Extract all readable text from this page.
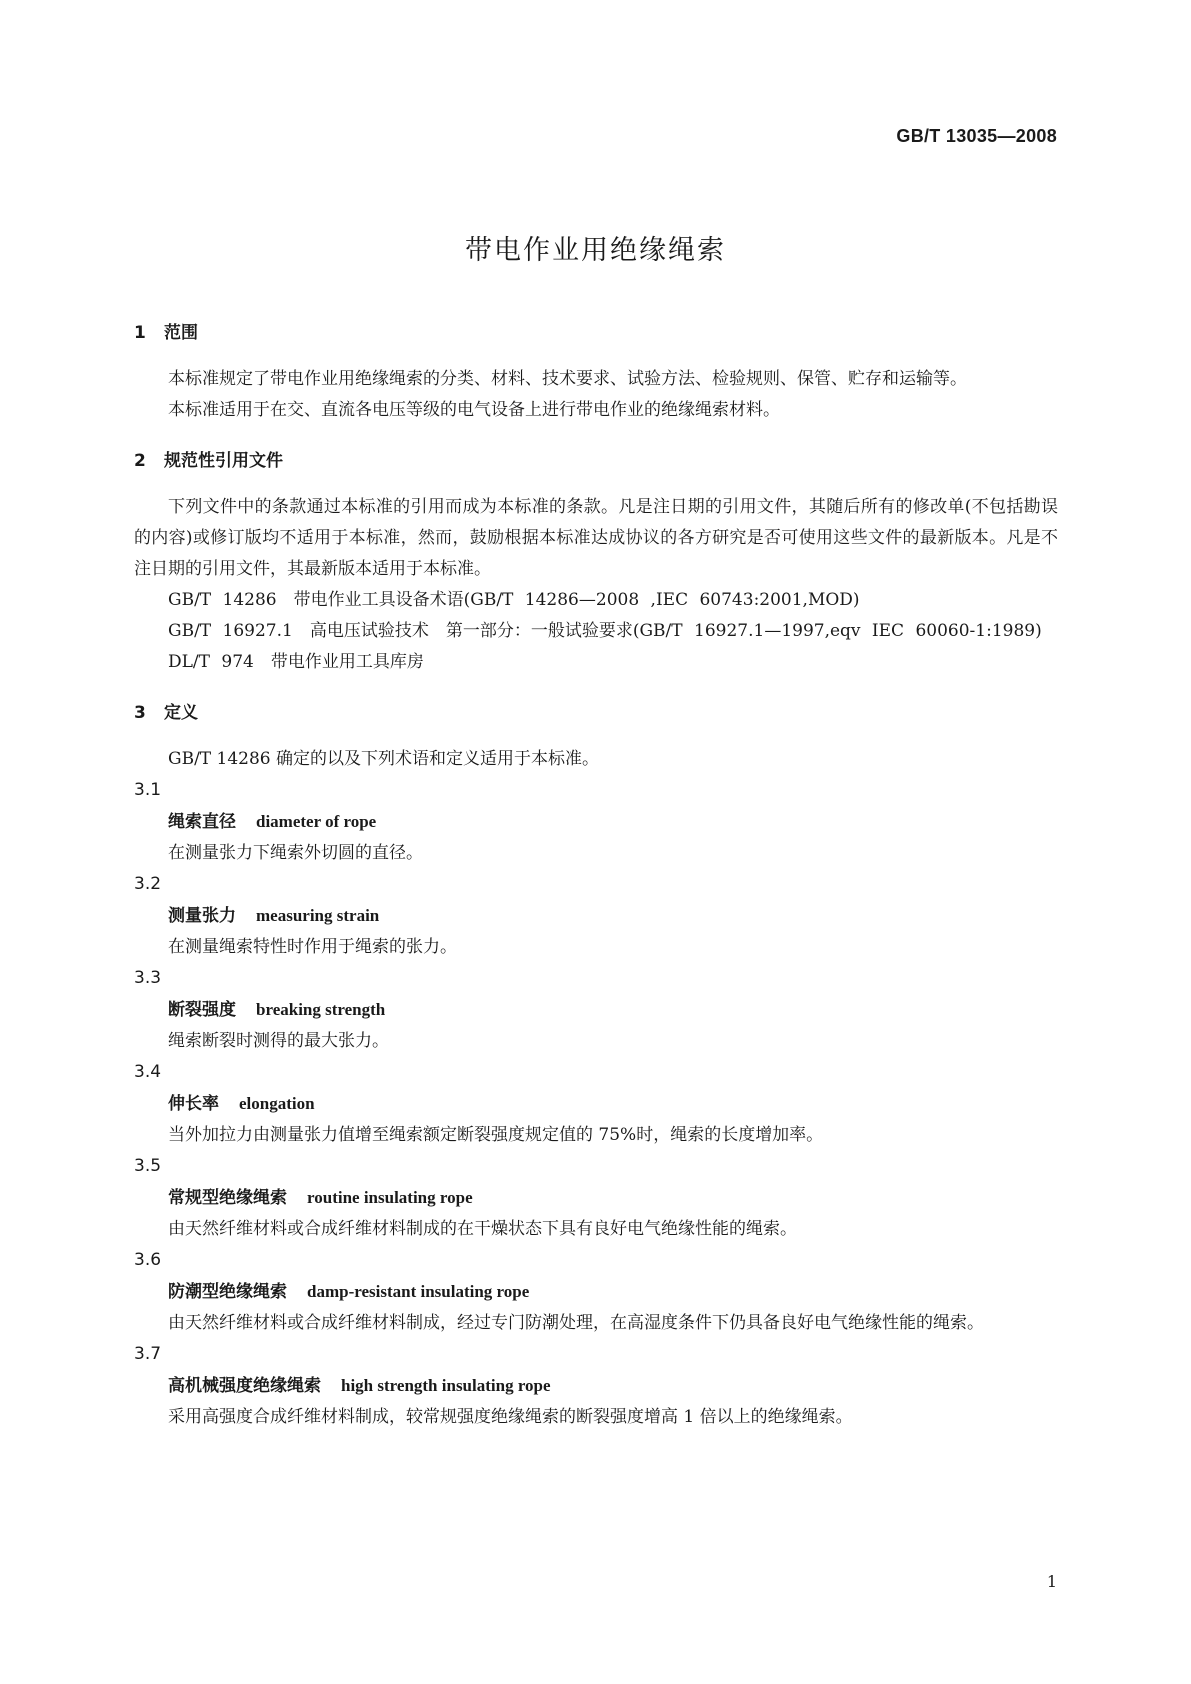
GB/T 13035—2008
带电作业用绝缘绳索
1 范围

本标准规定了带电作业用绝缘绳索的分类、材料、技术要求、试验方法、检验规则、保管、贮存和运输等。

本标准适用于在交、直流各电压等级的电气设备上进行带电作业的绝缘绳索材料。

2 规范性引用文件

下列文件中的条款通过本标准的引用而成为本标准的条款。凡是注日期的引用文件，其随后所有的修改单(不包括勘误的内容)或修订版均不适用于本标准，然而，鼓励根据本标准达成协议的各方研究是否可使用这些文件的最新版本。凡是不注日期的引用文件，其最新版本适用于本标准。

GB/T 14286　带电作业工具设备术语(GB/T 14286—2008 ,IEC 60743:2001,MOD)

GB/T 16927.1　高电压试验技术　第一部分：一般试验要求(GB/T 16927.1—1997,eqv IEC 60060-1:1989)

DL/T 974　带电作业用工具库房

3 定义

GB/T 14286 确定的以及下列术语和定义适用于本标准。

3.1

绳索直径 diameter of rope

在测量张力下绳索外切圆的直径。

3.2

测量张力 measuring strain

在测量绳索特性时作用于绳索的张力。

3.3

断裂强度 breaking strength

绳索断裂时测得的最大张力。

3.4

伸长率 elongation

当外加拉力由测量张力值增至绳索额定断裂强度规定值的 75%时，绳索的长度增加率。

3.5

常规型绝缘绳索 routine insulating rope

由天然纤维材料或合成纤维材料制成的在干燥状态下具有良好电气绝缘性能的绳索。

3.6

防潮型绝缘绳索 damp-resistant insulating rope

由天然纤维材料或合成纤维材料制成，经过专门防潮处理，在高湿度条件下仍具备良好电气绝缘性能的绳索。

3.7

高机械强度绝缘绳索 high strength insulating rope

采用高强度合成纤维材料制成，较常规强度绝缘绳索的断裂强度增高 1 倍以上的绝缘绳索。

1
